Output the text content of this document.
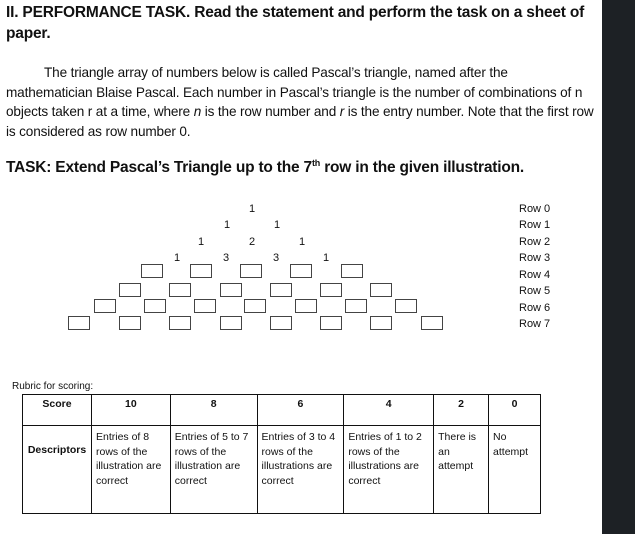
II. PERFORMANCE TASK. Read the statement and perform the task on a sheet of paper.
The triangle array of numbers below is called Pascal’s triangle, named after the mathematician Blaise Pascal. Each number in Pascal’s triangle is the number of combinations of n objects taken r at a time, where n is the row number and r is the entry number. Note that the first row is considered as row number 0.
TASK: Extend Pascal’s Triangle up to the 7th row in the given illustration.
1
1	1
1	2	1
1	3	3	1
Row 0
Row 1
Row 2
Row 3
Row 4
Row 5
Row 6
Row 7
Rubric for scoring:
Score	10	8	6	4	2	0
Descriptors	Entries of 8 rows of the illustration are correct	Entries of 5 to 7 rows of the illustration are correct	Entries of 3 to 4 rows of the illustrations are correct	Entries of 1 to 2 rows of the illustrations are correct	There is an attempt	No attempt
